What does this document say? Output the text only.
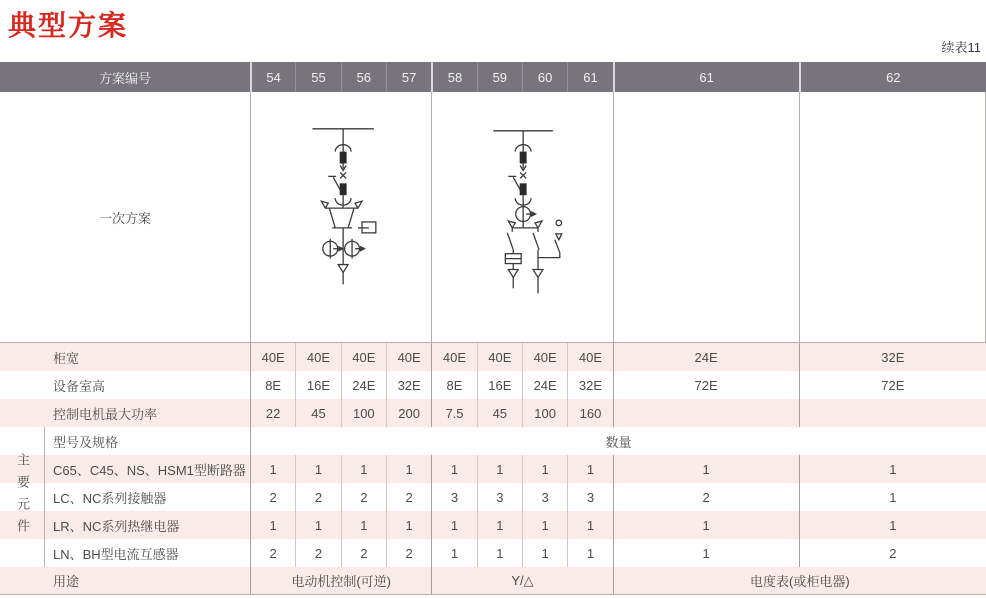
典型方案
续表11
方案编号	54	55	56	57	58	59	60	61	61	62
一次方案
柜宽	40E	40E	40E	40E	40E	40E	40E	40E	24E	32E
设备室高	8E	16E	24E	32E	8E	16E	24E	32E	72E	72E
控制电机最大功率	22	45	100	200	7.5	45	100	160
型号及规格	数量
C65、C45、NS、HSM1型断路器	1	1	1	1	1	1	1	1	1	1
LC、NC系列接触器	2	2	2	2	3	3	3	3	2	1
LR、NC系列热继电器	1	1	1	1	1	1	1	1	1	1
LN、BH型电流互感器	2	2	2	2	1	1	1	1	1	2
用途	电动机控制(可逆)	Y/△	电度表(或柜电器)
主要元件
